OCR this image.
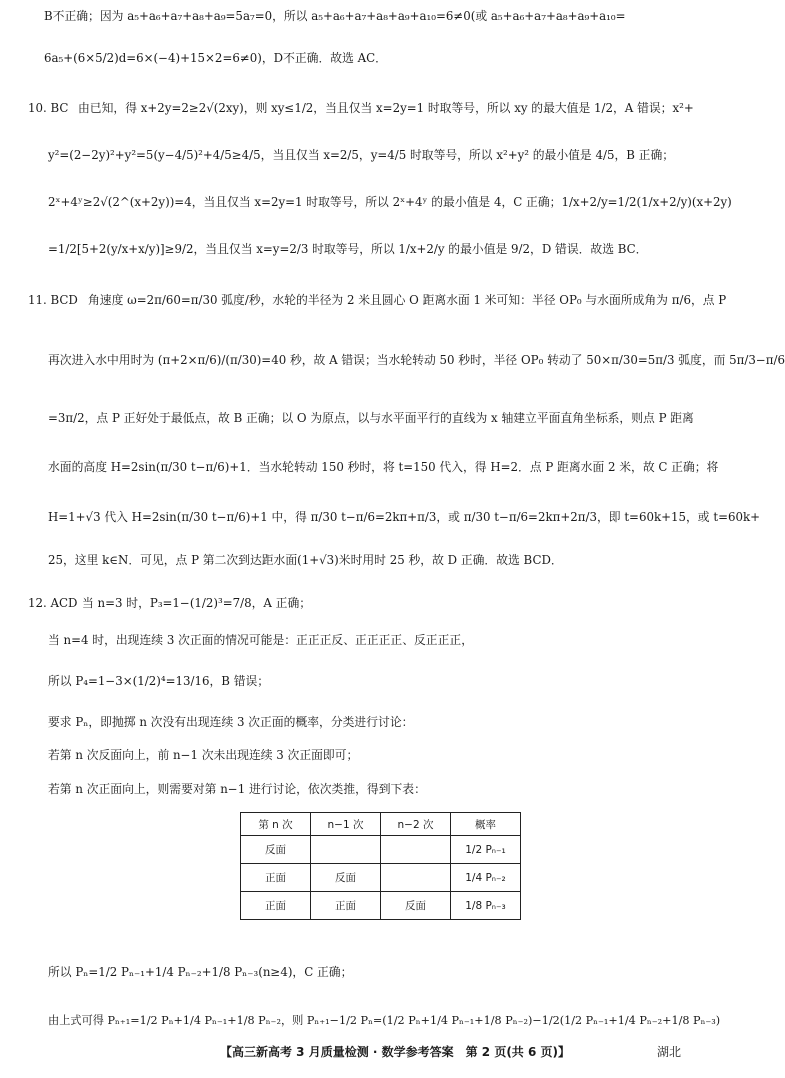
B不正确；因为 a₅+a₆+a₇+a₈+a₉=5a₇=0，所以 a₅+a₆+a₇+a₈+a₉+a₁₀=6≠0(或 a₅+a₆+a₇+a₈+a₉+a₁₀=
6a₅+(6×5/2)d=6×(−4)+15×2=6≠0)，D不正确．故选 AC．
10. BC 由已知，得 x+2y=2≥2√(2xy)，则 xy≤1/2，当且仅当 x=2y=1 时取等号，所以 xy 的最大值是 1/2，A 错误；x²+
y²=(2−2y)²+y²=5(y−4/5)²+4/5≥4/5，当且仅当 x=2/5，y=4/5 时取等号，所以 x²+y² 的最小值是 4/5，B 正确；
2ˣ+4ʸ≥2√(2^(x+2y))=4，当且仅当 x=2y=1 时取等号，所以 2ˣ+4ʸ 的最小值是 4，C 正确；1/x+2/y=1/2(1/x+2/y)(x+2y)
=1/2[5+2(y/x+x/y)]≥9/2，当且仅当 x=y=2/3 时取等号，所以 1/x+2/y 的最小值是 9/2，D 错误．故选 BC．
11. BCD 角速度 ω=2π/60=π/30 弧度/秒，水轮的半径为 2 米且圆心 O 距离水面 1 米可知：半径 OP₀ 与水面所成角为 π/6，点 P
再次进入水中用时为 (π+2×π/6)/(π/30)=40 秒，故 A 错误；当水轮转动 50 秒时，半径 OP₀ 转动了 50×π/30=5π/3 弧度，而 5π/3−π/6
=3π/2，点 P 正好处于最低点，故 B 正确；以 O 为原点，以与水平面平行的直线为 x 轴建立平面直角坐标系，则点 P 距离
水面的高度 H=2sin(π/30 t−π/6)+1．当水轮转动 150 秒时，将 t=150 代入，得 H=2．点 P 距离水面 2 米，故 C 正确；将
H=1+√3 代入 H=2sin(π/30 t−π/6)+1 中，得 π/30 t−π/6=2kπ+π/3，或 π/30 t−π/6=2kπ+2π/3，即 t=60k+15，或 t=60k+
25，这里 k∈N．可见，点 P 第二次到达距水面(1+√3)米时用时 25 秒，故 D 正确．故选 BCD．
12. ACD 当 n=3 时，P₃=1−(1/2)³=7/8，A 正确；
当 n=4 时，出现连续 3 次正面的情况可能是：正正正反、正正正正、反正正正，
所以 P₄=1−3×(1/2)⁴=13/16，B 错误；
要求 Pₙ，即抛掷 n 次没有出现连续 3 次正面的概率，分类进行讨论：
若第 n 次反面向上，前 n−1 次未出现连续 3 次正面即可；
若第 n 次正面向上，则需要对第 n−1 进行讨论，依次类推，得到下表：
第 n 次	n−1 次	n−2 次	概率
反面			1/2 Pₙ₋₁
正面	反面		1/4 Pₙ₋₂
正面	正面	反面	1/8 Pₙ₋₃
所以 Pₙ=1/2 Pₙ₋₁+1/4 Pₙ₋₂+1/8 Pₙ₋₃(n≥4)，C 正确；
由上式可得 Pₙ₊₁=1/2 Pₙ+1/4 Pₙ₋₁+1/8 Pₙ₋₂，则 Pₙ₊₁−1/2 Pₙ=(1/2 Pₙ+1/4 Pₙ₋₁+1/8 Pₙ₋₂)−1/2(1/2 Pₙ₋₁+1/4 Pₙ₋₂+1/8 Pₙ₋₃)
【高三新高考 3 月质量检测 · 数学参考答案　第 2 页(共 6 页)】	湖北
